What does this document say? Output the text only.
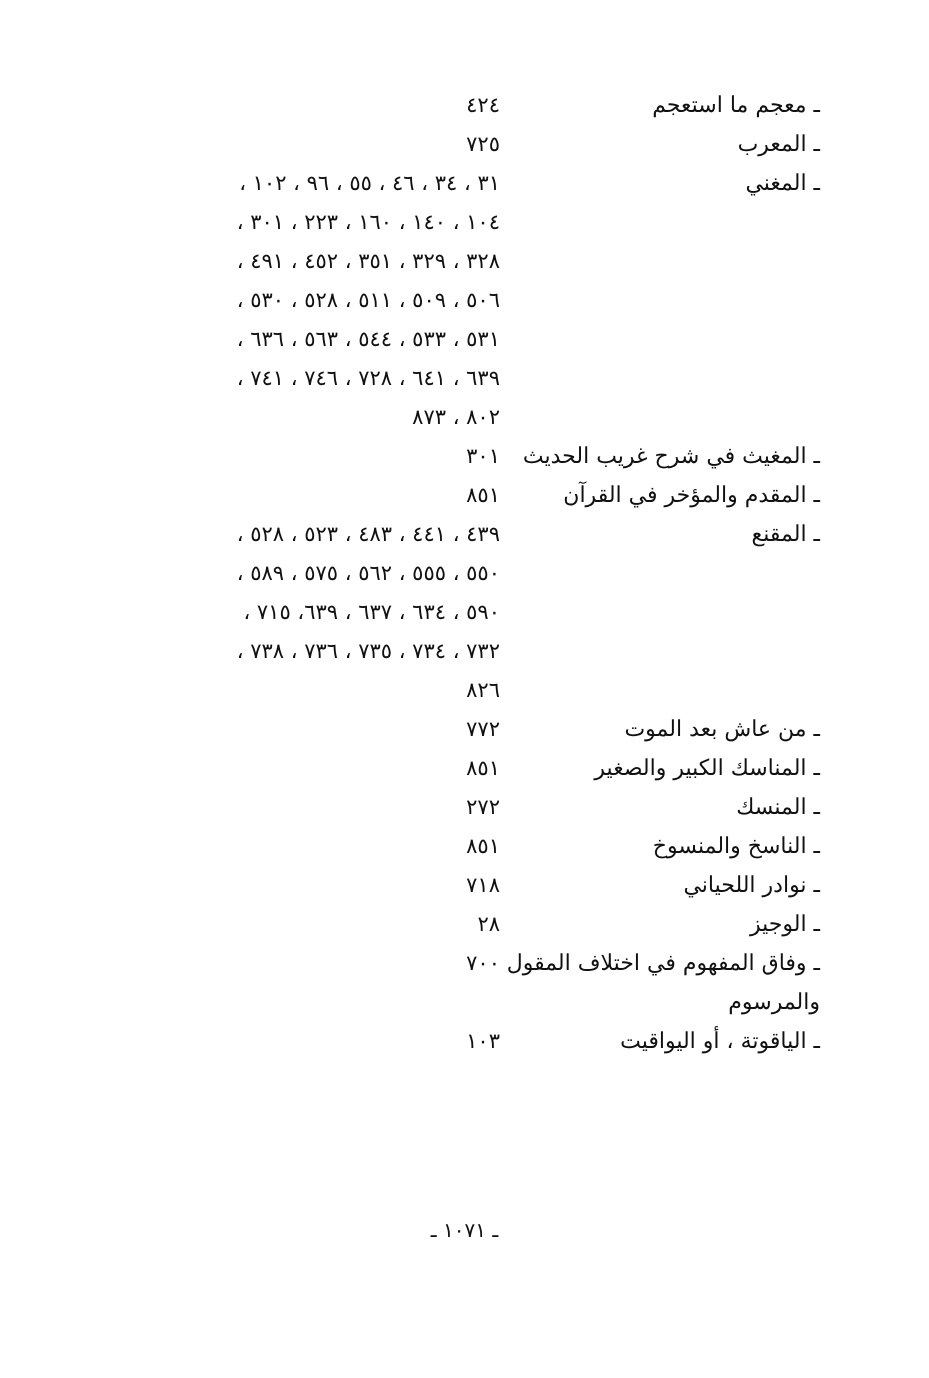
ـ معجم ما استعجم
٤٢٤
ـ المعرب
٧٢٥
ـ المغني
٣١ ، ٣٤ ، ٤٦ ، ٥٥ ، ٩٦ ، ١٠٢ ،
١٠٤ ، ١٤٠ ، ١٦٠ ، ٢٢٣ ، ٣٠١ ،
٣٢٨ ، ٣٢٩ ، ٣٥١ ، ٤٥٢ ، ٤٩١ ،
٥٠٦ ، ٥٠٩ ، ٥١١ ، ٥٢٨ ، ٥٣٠ ،
٥٣١ ، ٥٣٣ ، ٥٤٤ ، ٥٦٣ ، ٦٣٦ ،
٦٣٩ ، ٦٤١ ، ٧٢٨ ، ٧٤٦ ، ٧٤١ ،
٨٠٢ ، ٨٧٣
ـ المغيث في شرح غريب الحديث
٣٠١
ـ المقدم والمؤخر في القرآن
٨٥١
ـ المقنع
٤٣٩ ، ٤٤١ ، ٤٨٣ ، ٥٢٣ ، ٥٢٨ ،
٥٥٠ ، ٥٥٥ ، ٥٦٢ ، ٥٧٥ ، ٥٨٩ ،
٥٩٠ ، ٦٣٤ ، ٦٣٧ ، ٦٣٩، ٧١٥ ،
٧٣٢ ، ٧٣٤ ، ٧٣٥ ، ٧٣٦ ، ٧٣٨ ،
٨٢٦
ـ من عاش بعد الموت
٧٧٢
ـ المناسك الكبير والصغير
٨٥١
ـ المنسك
٢٧٢
ـ الناسخ والمنسوخ
٨٥١
ـ نوادر اللحياني
٧١٨
ـ الوجيز
٢٨
ـ وفاق المفهوم في اختلاف المقول والمرسوم
٧٠٠
ـ الياقوتة ، أو اليواقيت
١٠٣
ـ ١٠٧١ ـ
